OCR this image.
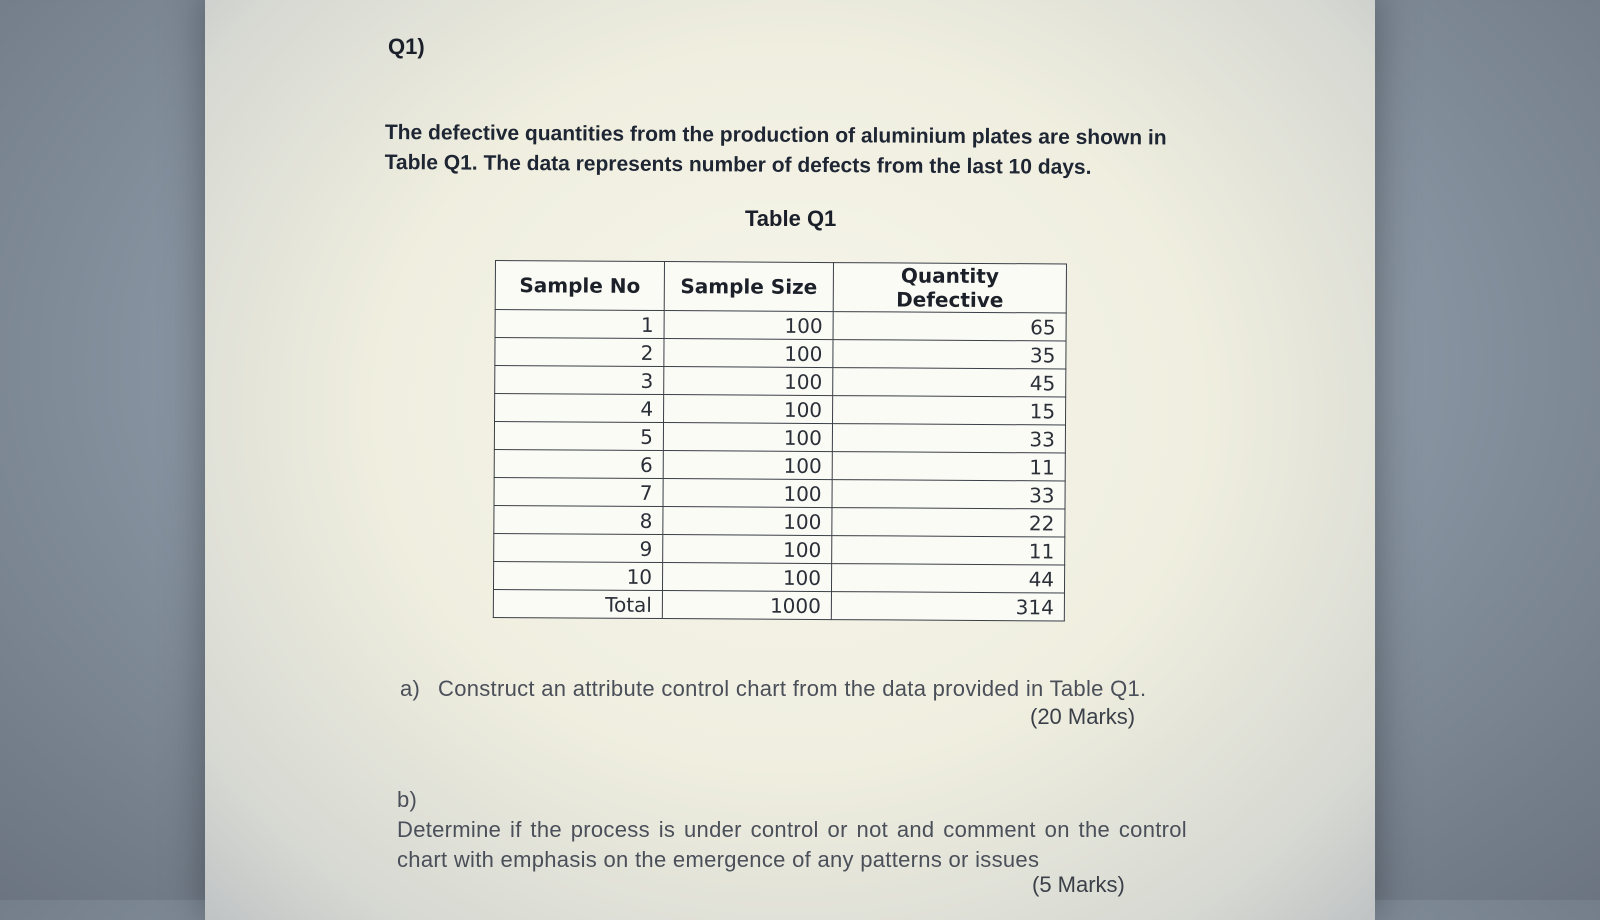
Q1)
The defective quantities from the production of aluminium plates are shown in Table Q1. The data represents number of defects from the last 10 days.
Table Q1
Sample No	Sample Size	Quantity Defective
1	100	65
2	100	35
3	100	45
4	100	15
5	100	33
6	100	11
7	100	33
8	100	22
9	100	11
10	100	44
Total	1000	314
a) Construct an attribute control chart from the data provided in Table Q1.
(20 Marks)
b)Determine if the process is under control or not and comment on the control chart with emphasis on the emergence of any patterns or issues
(5 Marks)
